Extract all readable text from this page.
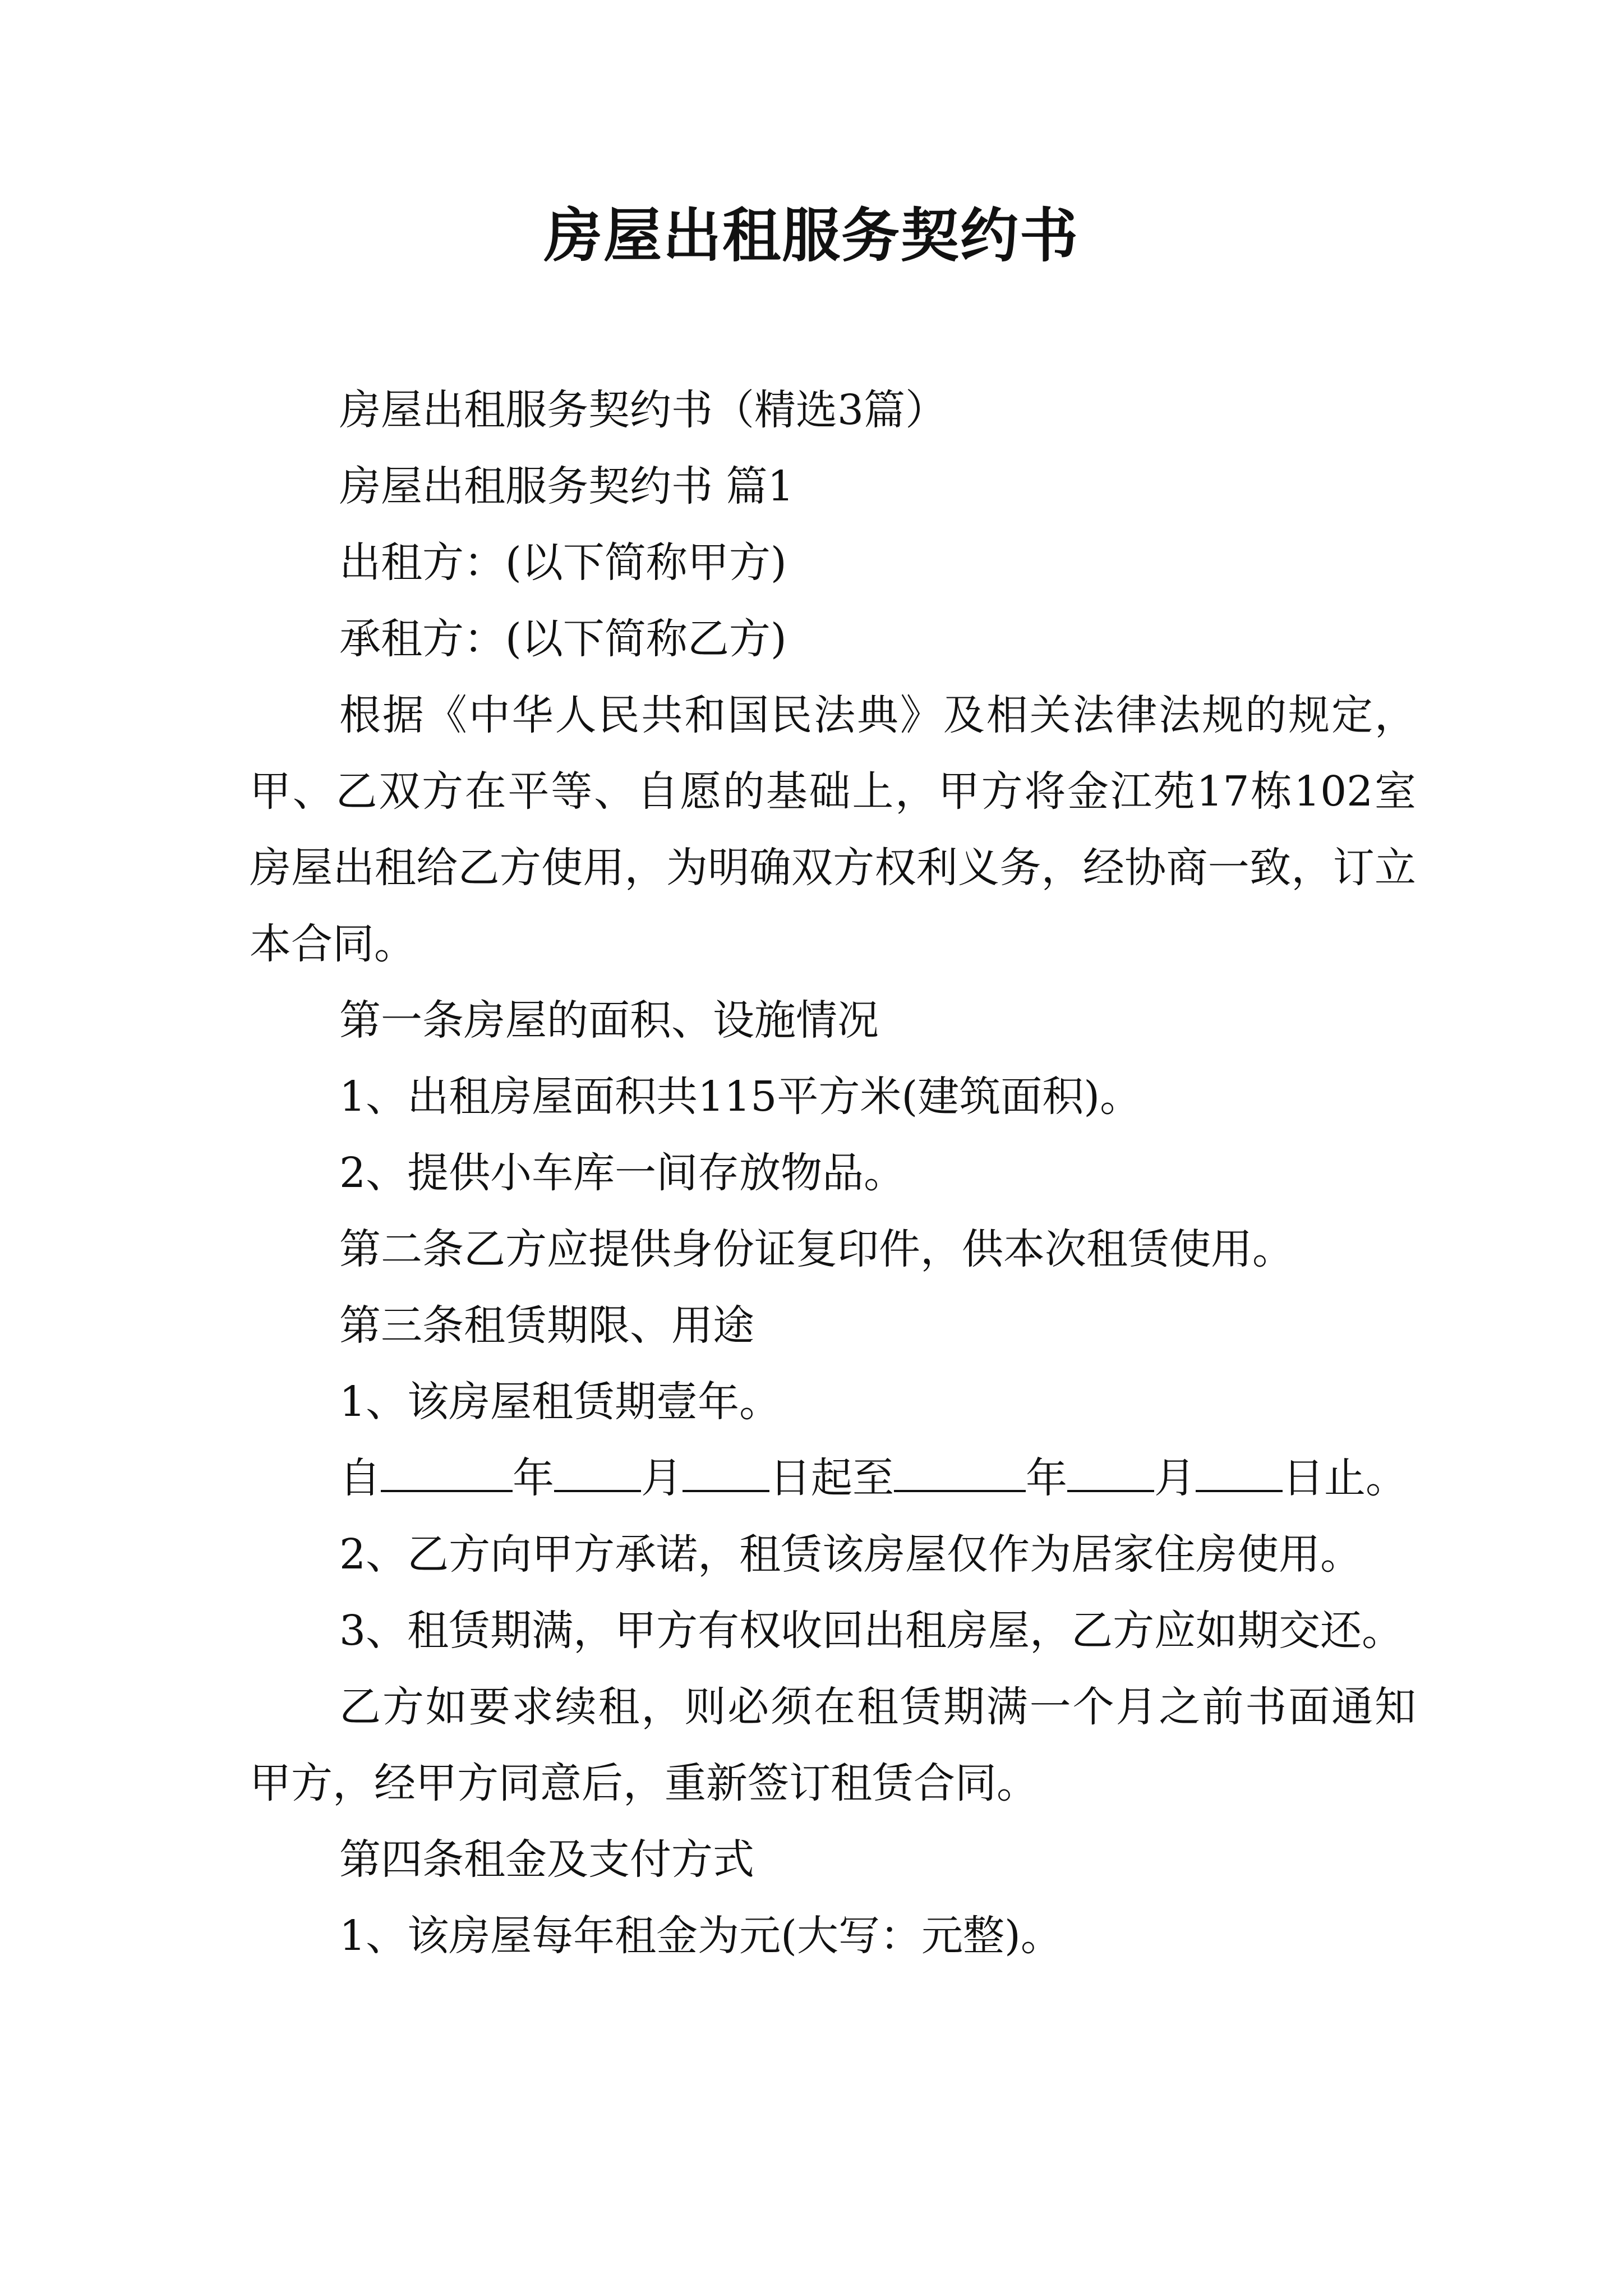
房屋出租服务契约书

房屋出租服务契约书（精选3篇）

房屋出租服务契约书 篇1

出租方：(以下简称甲方)

承租方：(以下简称乙方)

根据《中华人民共和国民法典》及相关法律法规的规定，甲、乙双方在平等、自愿的基础上，甲方将金江苑17栋102室房屋出租给乙方使用，为明确双方权利义务，经协商一致，订立本合同。

第一条房屋的面积、设施情况

1、出租房屋面积共115平方米(建筑面积)。

2、提供小车库一间存放物品。

第二条乙方应提供身份证复印件，供本次租赁使用。

第三条租赁期限、用途

1、该房屋租赁期壹年。

自	年 月 日起至	年 月 日止。

2、乙方向甲方承诺，租赁该房屋仅作为居家住房使用。

3、租赁期满，甲方有权收回出租房屋，乙方应如期交还。

乙方如要求续租，则必须在租赁期满一个月之前书面通知甲方，经甲方同意后，重新签订租赁合同。

第四条租金及支付方式

1、该房屋每年租金为元(大写：元整)。
